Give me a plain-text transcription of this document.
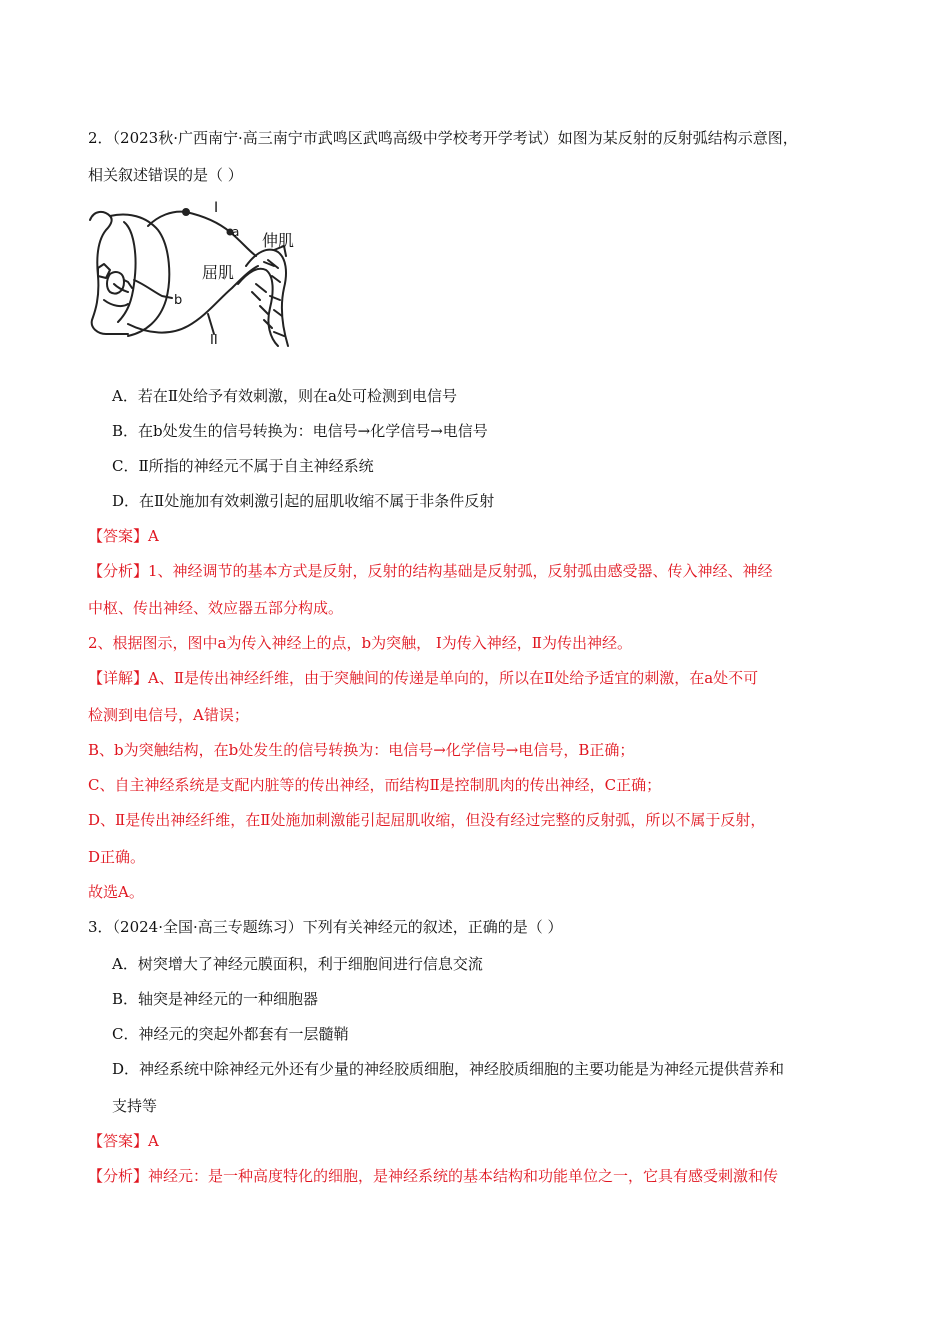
2．（2023秋·广西南宁·高三南宁市武鸣区武鸣高级中学校考开学考试）如图为某反射的反射弧结构示意图，
相关叙述错误的是（ ）
I
a 伸肌
屈肌
b
II
A．若在Ⅱ处给予有效刺激，则在a处可检测到电信号
B．在b处发生的信号转换为：电信号→化学信号→电信号
C．Ⅱ所指的神经元不属于自主神经系统
D．在Ⅱ处施加有效刺激引起的屈肌收缩不属于非条件反射
【答案】A
【分析】1、神经调节的基本方式是反射，反射的结构基础是反射弧，反射弧由感受器、传入神经、神经
中枢、传出神经、效应器五部分构成。
2、根据图示，图中a为传入神经上的点，b为突触， I为传入神经，Ⅱ为传出神经。
【详解】A、Ⅱ是传出神经纤维，由于突触间的传递是单向的，所以在Ⅱ处给予适宜的刺激，在a处不可
检测到电信号，A错误；
B、b为突触结构，在b处发生的信号转换为：电信号→化学信号→电信号，B正确；
C、自主神经系统是支配内脏等的传出神经，而结构Ⅱ是控制肌肉的传出神经，C正确；
D、Ⅱ是传出神经纤维，在Ⅱ处施加刺激能引起屈肌收缩，但没有经过完整的反射弧，所以不属于反射，
D正确。
故选A。
3．（2024·全国·高三专题练习）下列有关神经元的叙述，正确的是（ ）
A．树突增大了神经元膜面积，利于细胞间进行信息交流
B．轴突是神经元的一种细胞器
C．神经元的突起外都套有一层髓鞘
D．神经系统中除神经元外还有少量的神经胶质细胞，神经胶质细胞的主要功能是为神经元提供营养和
支持等
【答案】A
【分析】神经元：是一种高度特化的细胞，是神经系统的基本结构和功能单位之一，它具有感受刺激和传
